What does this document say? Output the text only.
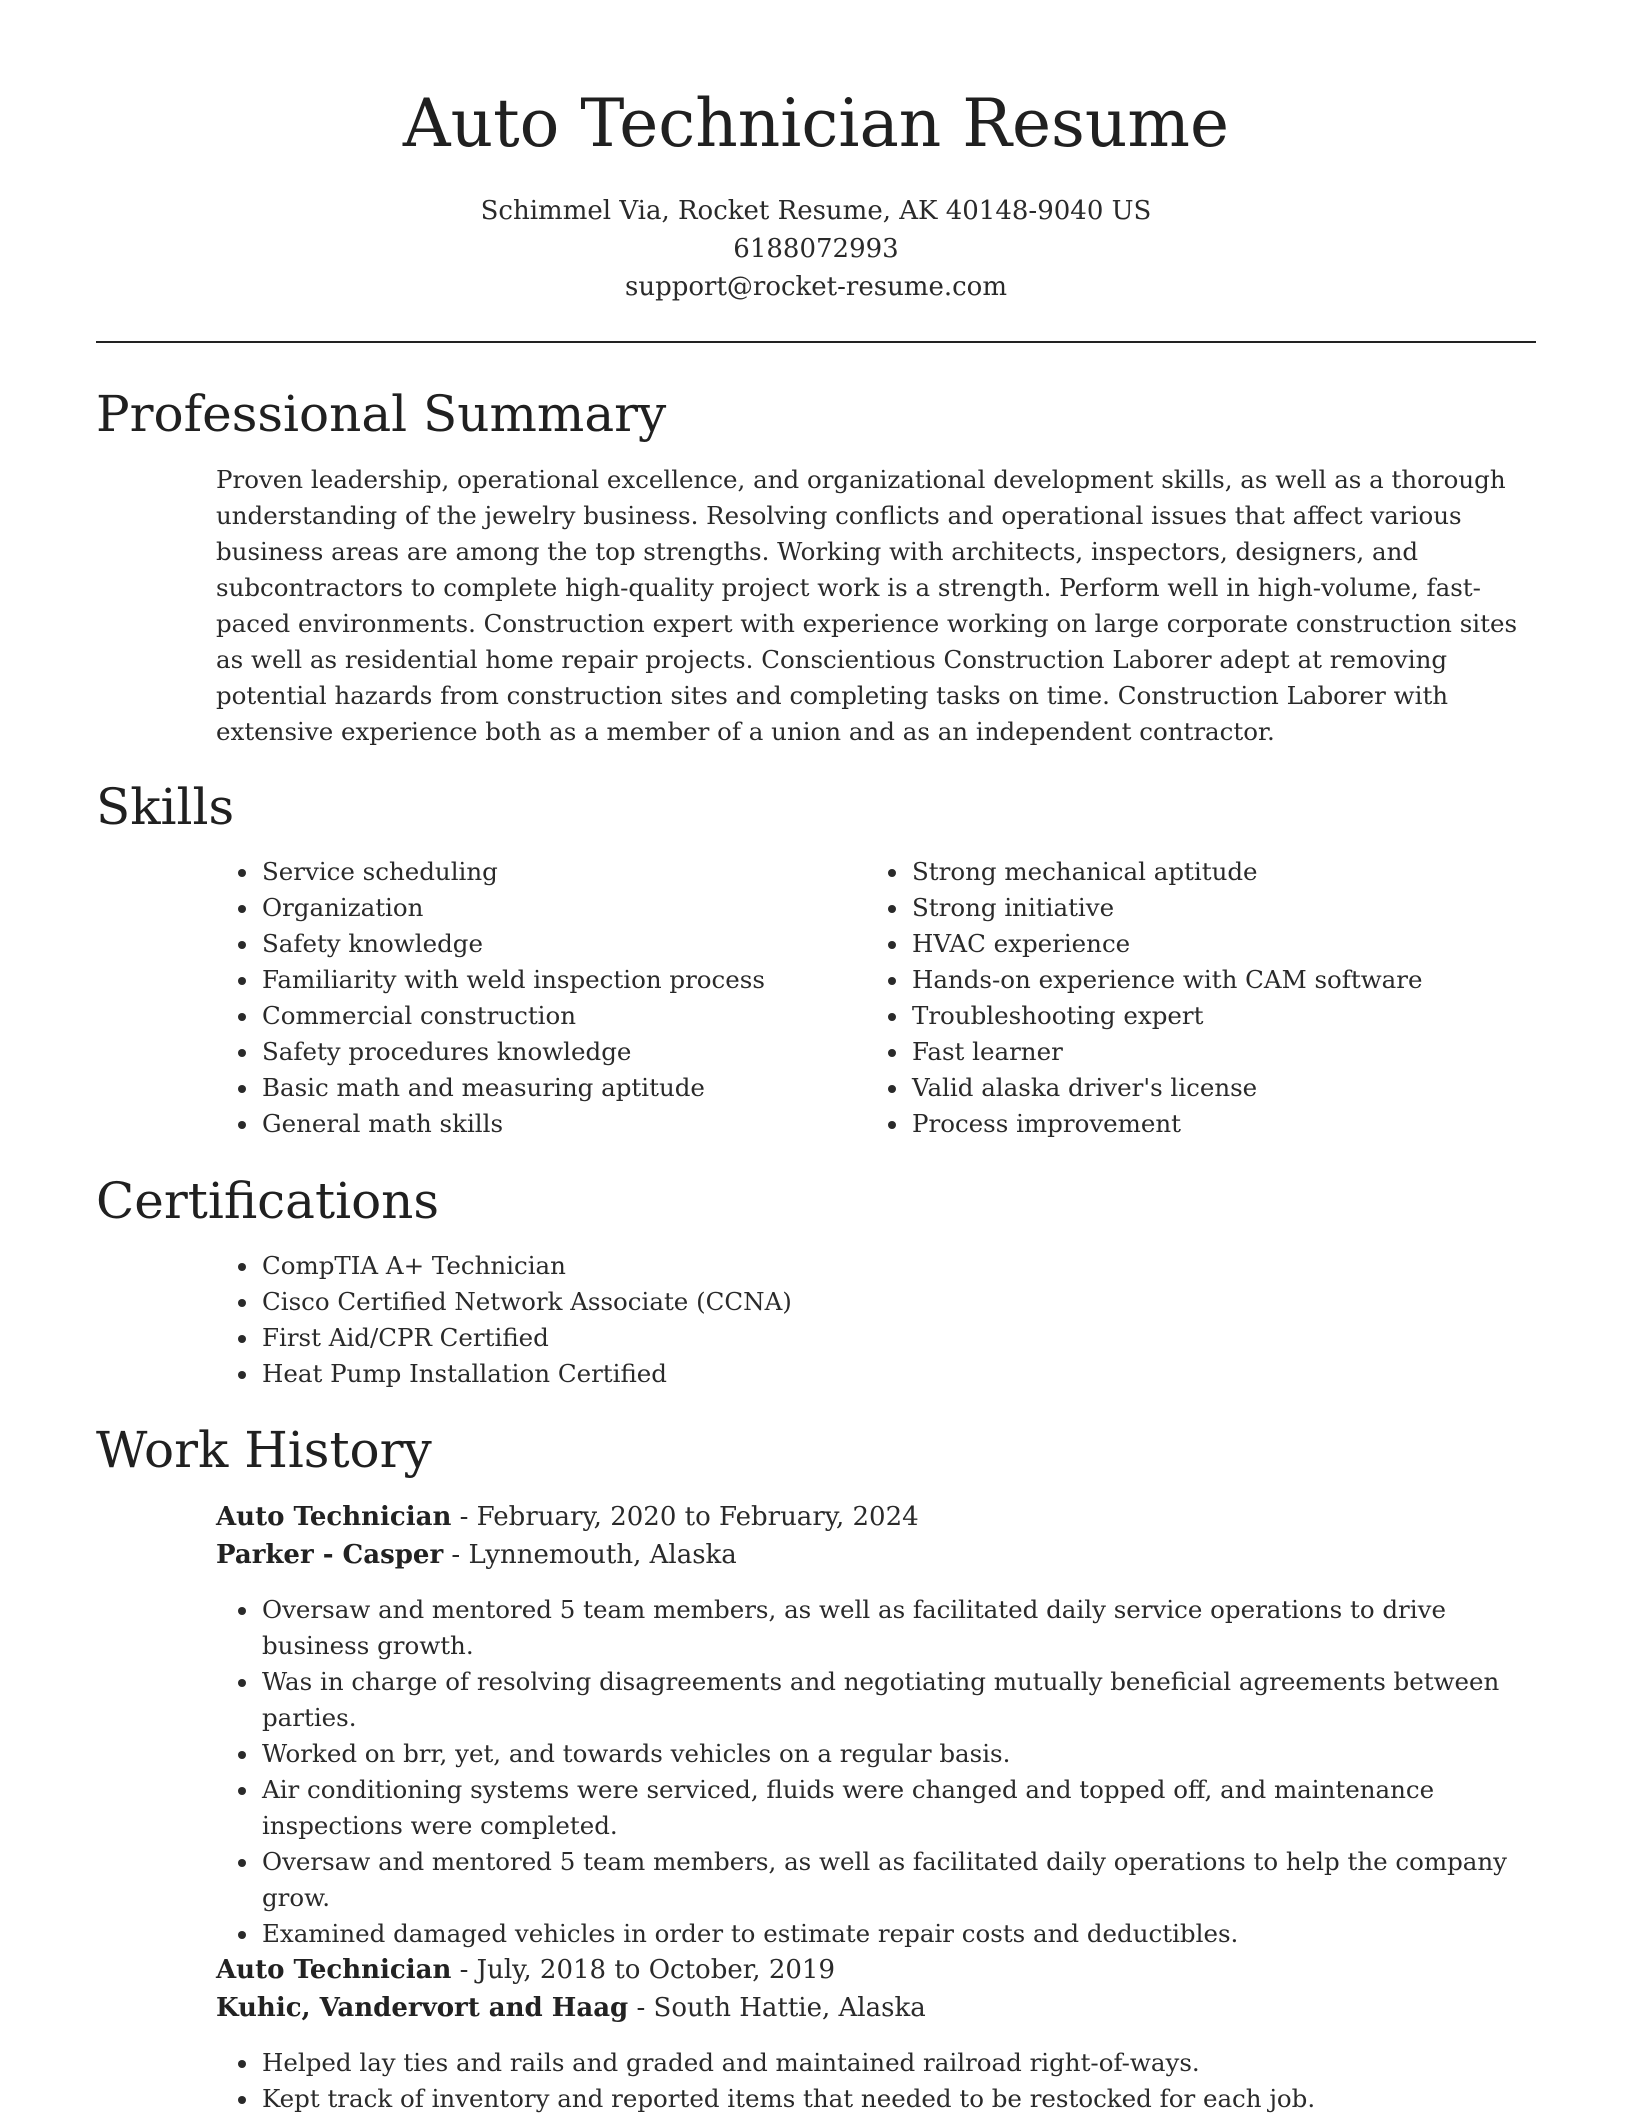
Auto Technician Resume
Schimmel Via, Rocket Resume, AK 40148-9040 US
6188072993
support@rocket-resume.com
Professional Summary

Proven leadership, operational excellence, and organizational development skills, as well as a thorough understanding of the jewelry business. Resolving conflicts and operational issues that affect various business areas are among the top strengths. Working with architects, inspectors, designers, and subcontractors to complete high-quality project work is a strength. Perform well in high-volume, fast-paced environments. Construction expert with experience working on large corporate construction sites as well as residential home repair projects. Conscientious Construction Laborer adept at removing potential hazards from construction sites and completing tasks on time. Construction Laborer with extensive experience both as a member of a union and as an independent contractor.

Skills
• Service scheduling
• Organization
• Safety knowledge
• Familiarity with weld inspection process
• Commercial construction
• Safety procedures knowledge
• Basic math and measuring aptitude
• General math skills
• Strong mechanical aptitude
• Strong initiative
• HVAC experience
• Hands-on experience with CAM software
• Troubleshooting expert
• Fast learner
• Valid alaska driver's license
• Process improvement
Certifications
• CompTIA A+ Technician
• Cisco Certified Network Associate (CCNA)
• First Aid/CPR Certified
• Heat Pump Installation Certified
Work History
Auto Technician - February, 2020 to February, 2024
Parker - Casper - Lynnemouth, Alaska
• Oversaw and mentored 5 team members, as well as facilitated daily service operations to drive business growth.
• Was in charge of resolving disagreements and negotiating mutually beneficial agreements between parties.
• Worked on brr, yet, and towards vehicles on a regular basis.
• Air conditioning systems were serviced, fluids were changed and topped off, and maintenance inspections were completed.
• Oversaw and mentored 5 team members, as well as facilitated daily operations to help the company grow.
• Examined damaged vehicles in order to estimate repair costs and deductibles.
Auto Technician - July, 2018 to October, 2019
Kuhic, Vandervort and Haag - South Hattie, Alaska
• Helped lay ties and rails and graded and maintained railroad right-of-ways.
• Kept track of inventory and reported items that needed to be restocked for each job.
